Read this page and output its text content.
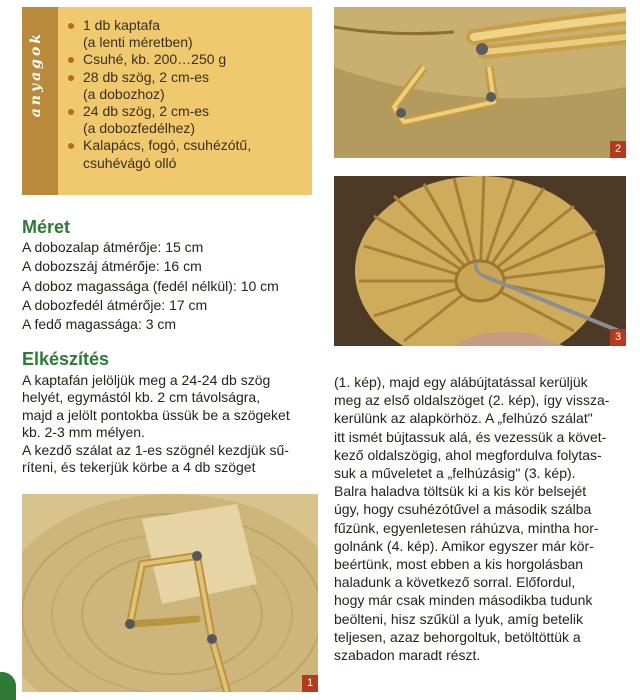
anyagok
1 db kaptafa
(a lenti méretben)
Csuhé, kb. 200…250 g
28 db szög, 2 cm-es
(a dobozhoz)
24 db szög, 2 cm-es
(a dobozfedélhez)
Kalapács, fogó, csuhézótű,
csuhévágó olló
Méret
A dobozalap átmérője: 15 cm
A dobozszáj átmérője: 16 cm
A doboz magassága (fedél nélkül): 10 cm
A dobozfedél átmérője: 17 cm
A fedő magassága: 3 cm
Elkészítés
A kaptafán jelöljük meg a 24-24 db szög
helyét, egymástól kb. 2 cm távolságra,
majd a jelölt pontokba üssük be a szögeket
kb. 2-3 mm mélyen.
A kezdő szálat az 1-es szögnél kezdjük sű-
ríteni, és tekerjük körbe a 4 db szöget
(1. kép), majd egy alábújtatással kerüljük
meg az első oldalszöget (2. kép), így vissza-
kerülünk az alapkörhöz. A „felhúzó szálat"
itt ismét bújtassuk alá, és vezessük a követ-
kező oldalszögig, ahol megfordulva folytas-
suk a műveletet a „felhúzásig" (3. kép).
Balra haladva töltsük ki a kis kör belsejét
úgy, hogy csuhézótűvel a második szálba
fűzünk, egyenletesen ráhúzva, mintha hor-
golnánk (4. kép). Amikor egyszer már kör-
beértünk, most ebben a kis horgolásban
haladunk a következő sorral. Előfordul,
hogy már csak minden másodikba tudunk
beölteni, hisz szűkül a lyuk, amíg betelik
teljesen, azaz behorgoltuk, betöltöttük a
szabadon maradt részt.
1
2
3
